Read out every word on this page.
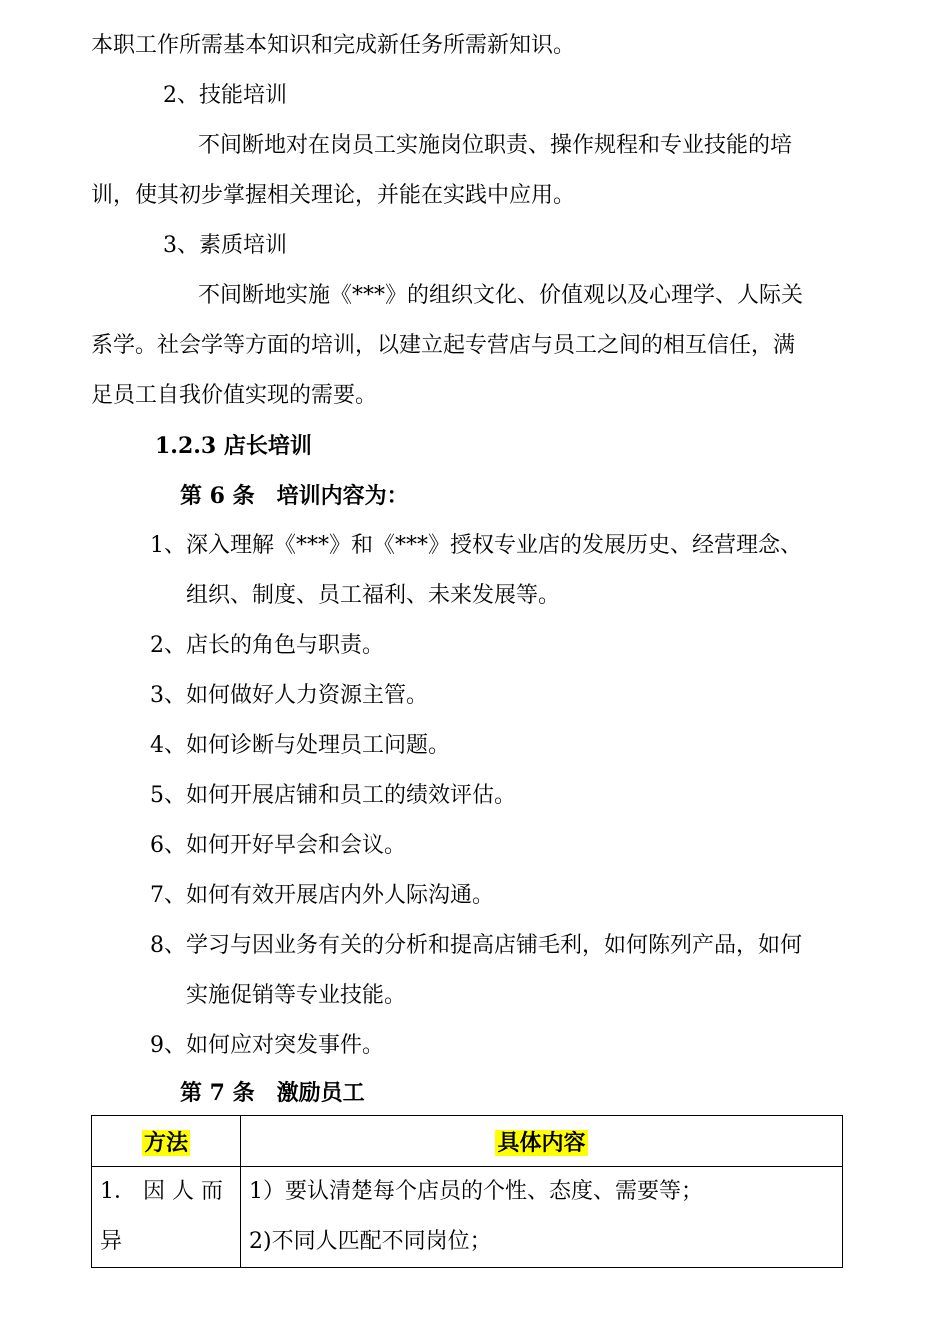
本职工作所需基本知识和完成新任务所需新知识。
2、技能培训
不间断地对在岗员工实施岗位职责、操作规程和专业技能的培
训，使其初步掌握相关理论，并能在实践中应用。
3、素质培训
不间断地实施《***》的组织文化、价值观以及心理学、人际关
系学。社会学等方面的培训，以建立起专营店与员工之间的相互信任，满
足员工自我价值实现的需要。
1.2.3 店长培训
第 6 条　培训内容为：
1、深入理解《***》和《***》授权专业店的发展历史、经营理念、
组织、制度、员工福利、未来发展等。
2、店长的角色与职责。
3、如何做好人力资源主管。
4、如何诊断与处理员工问题。
5、如何开展店铺和员工的绩效评估。
6、如何开好早会和会议。
7、如何有效开展店内外人际沟通。
8、学习与因业务有关的分析和提高店铺毛利，如何陈列产品，如何
实施促销等专业技能。
9、如何应对突发事件。
第 7 条　激励员工
方法	具体内容

1． 因 人 而
异	1）要认清楚每个店员的个性、态度、需要等；
2)不同人匹配不同岗位；
